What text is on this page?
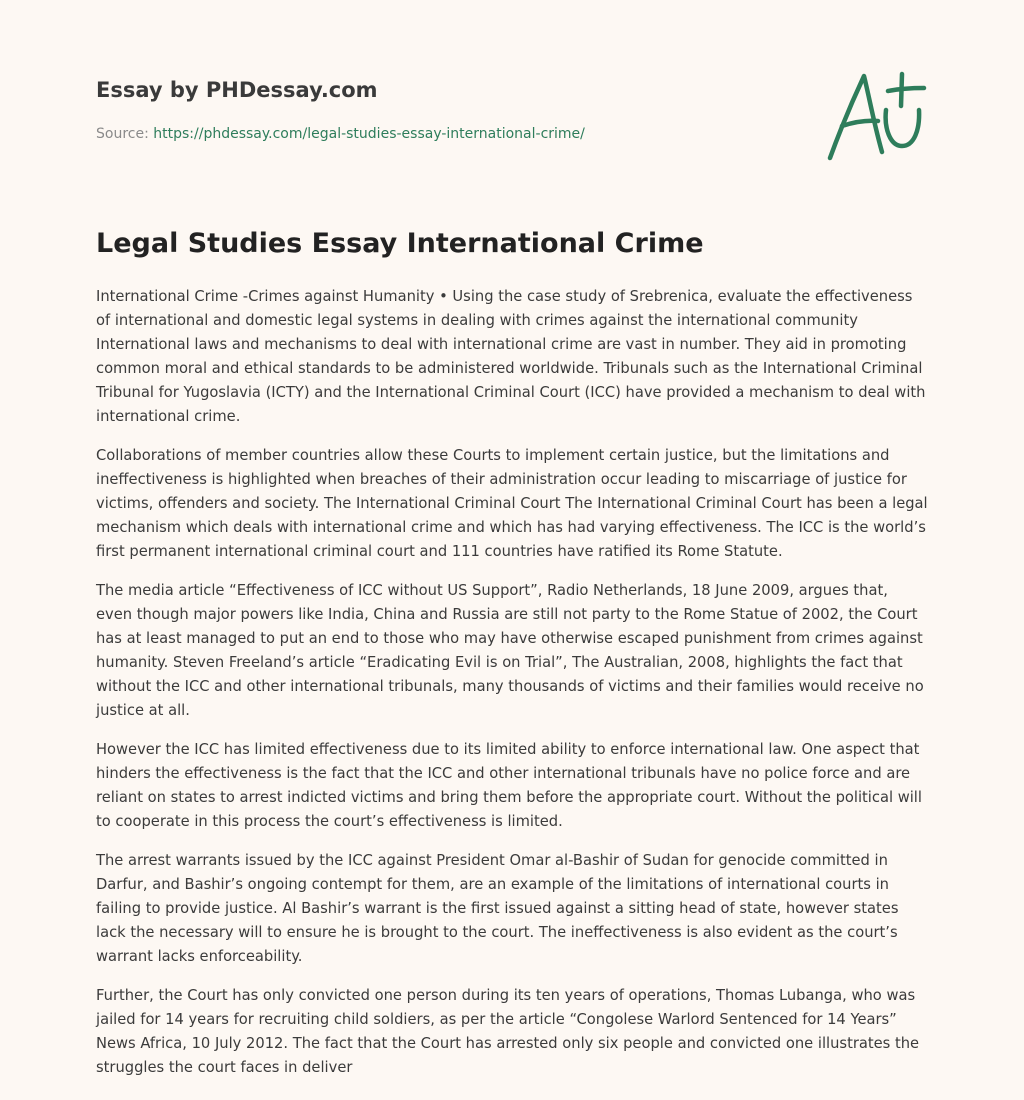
Essay by PHDessay.com

Source: https://phdessay.com/legal-studies-essay-international-crime/
Legal Studies Essay International Crime

International Crime -Crimes against Humanity • Using the case study of Srebrenica, evaluate the effectiveness of international and domestic legal systems in dealing with crimes against the international community International laws and mechanisms to deal with international crime are vast in number. They aid in promoting common moral and ethical standards to be administered worldwide. Tribunals such as the International Criminal Tribunal for Yugoslavia (ICTY) and the International Criminal Court (ICC) have provided a mechanism to deal with international crime.

Collaborations of member countries allow these Courts to implement certain justice, but the limitations and ineffectiveness is highlighted when breaches of their administration occur leading to miscarriage of justice for victims, offenders and society. The International Criminal Court The International Criminal Court has been a legal mechanism which deals with international crime and which has had varying effectiveness. The ICC is the world’s first permanent international criminal court and 111 countries have ratified its Rome Statute.

The media article “Effectiveness of ICC without US Support”, Radio Netherlands, 18 June 2009, argues that, even though major powers like India, China and Russia are still not party to the Rome Statue of 2002, the Court has at least managed to put an end to those who may have otherwise escaped punishment from crimes against humanity. Steven Freeland’s article “Eradicating Evil is on Trial”, The Australian, 2008, highlights the fact that without the ICC and other international tribunals, many thousands of victims and their families would receive no justice at all.

However the ICC has limited effectiveness due to its limited ability to enforce international law. One aspect that hinders the effectiveness is the fact that the ICC and other international tribunals have no police force and are reliant on states to arrest indicted victims and bring them before the appropriate court. Without the political will to cooperate in this process the court’s effectiveness is limited.

The arrest warrants issued by the ICC against President Omar al-Bashir of Sudan for genocide committed in Darfur, and Bashir’s ongoing contempt for them, are an example of the limitations of international courts in failing to provide justice. Al Bashir’s warrant is the first issued against a sitting head of state, however states lack the necessary will to ensure he is brought to the court. The ineffectiveness is also evident as the court’s warrant lacks enforceability.

Further, the Court has only convicted one person during its ten years of operations, Thomas Lubanga, who was jailed for 14 years for recruiting child soldiers, as per the article “Congolese Warlord Sentenced for 14 Years” News Africa, 10 July 2012. The fact that the Court has arrested only six people and convicted one illustrates the struggles the court faces in deliver
